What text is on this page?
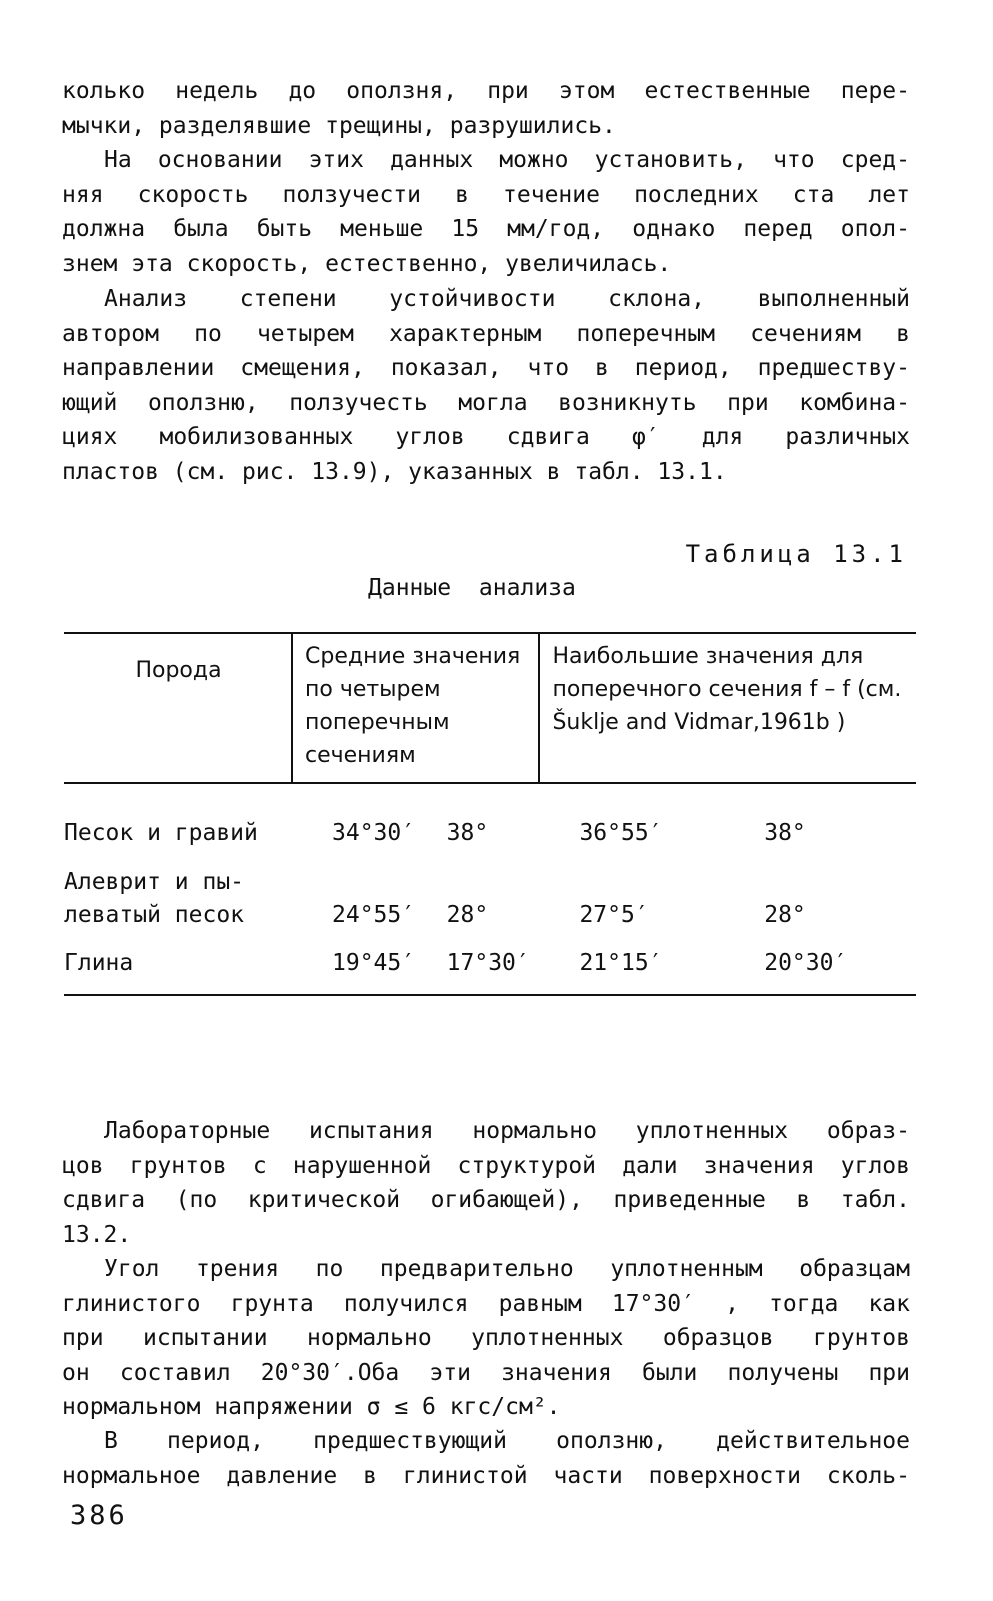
колько недель до оползня, при этом естественные пере-
мычки, разделявшие трещины, разрушились.

На основании этих данных можно установить, что сред-
няя скорость ползучести в течение последних ста лет
должна была быть меньше 15 мм/год, однако перед опол-
знем эта скорость, естественно, увеличилась.

Анализ степени устойчивости склона, выполненный
автором по четырем характерным поперечным сечениям в
направлении смещения, показал, что в период, предшеству-
ющий оползню, ползучесть могла возникнуть при комбина-
циях мобилизованных углов сдвига φ′ для различных
пластов (см. рис. 13.9), указанных в табл. 13.1.

Таблица 13.1
Данные анализа
Порода	Средние значения по четырем поперечным сечениям		Наибольшие значения для поперечного сечения f – f (см. Šuklje and Vidmar,1961b )	
Песок и гравий	34°30′	38°	36°55′	38°

Алеврит и пы-
леватый песок	24°55′	28°	27°5′	28°
Глина	19°45′	17°30′	21°15′	20°30′

Лабораторные испытания нормально уплотненных образ-
цов грунтов с нарушенной структурой дали значения углов
сдвига (по критической огибающей), приведенные в табл.
13.2.

Угол трения по предварительно уплотненным образцам
глинистого грунта получился равным 17°30′ , тогда как
при испытании нормально уплотненных образцов грунтов
он составил 20°30′.Оба эти значения были получены при
нормальном напряжении σ ≤ 6 кгс/см².

В период, предшествующий оползню, действительное
нормальное давление в глинистой части поверхности сколь-

386
